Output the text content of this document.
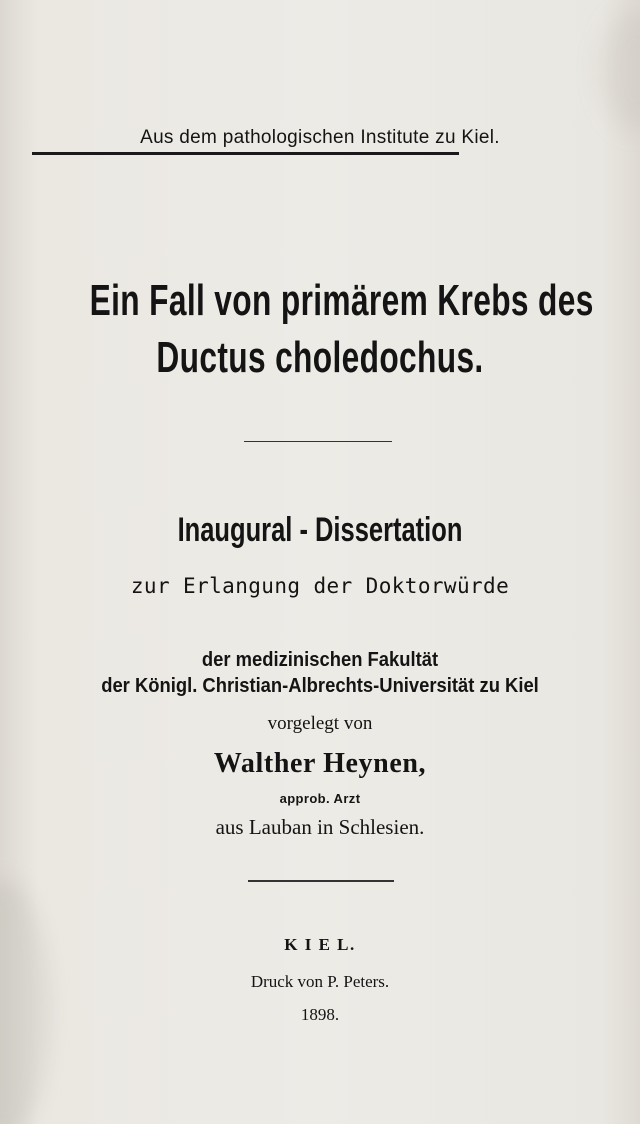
Aus dem pathologischen Institute zu Kiel.
Ein Fall von primärem Krebs des
Ductus choledochus.
Inaugural - Dissertation
zur Erlangung der Doktorwürde
der medizinischen Fakultät
der Königl. Christian-Albrechts-Universität zu Kiel
vorgelegt von
Walther Heynen,
approb. Arzt
aus Lauban in Schlesien.
K I E L.
Druck von P. Peters.
1898.
